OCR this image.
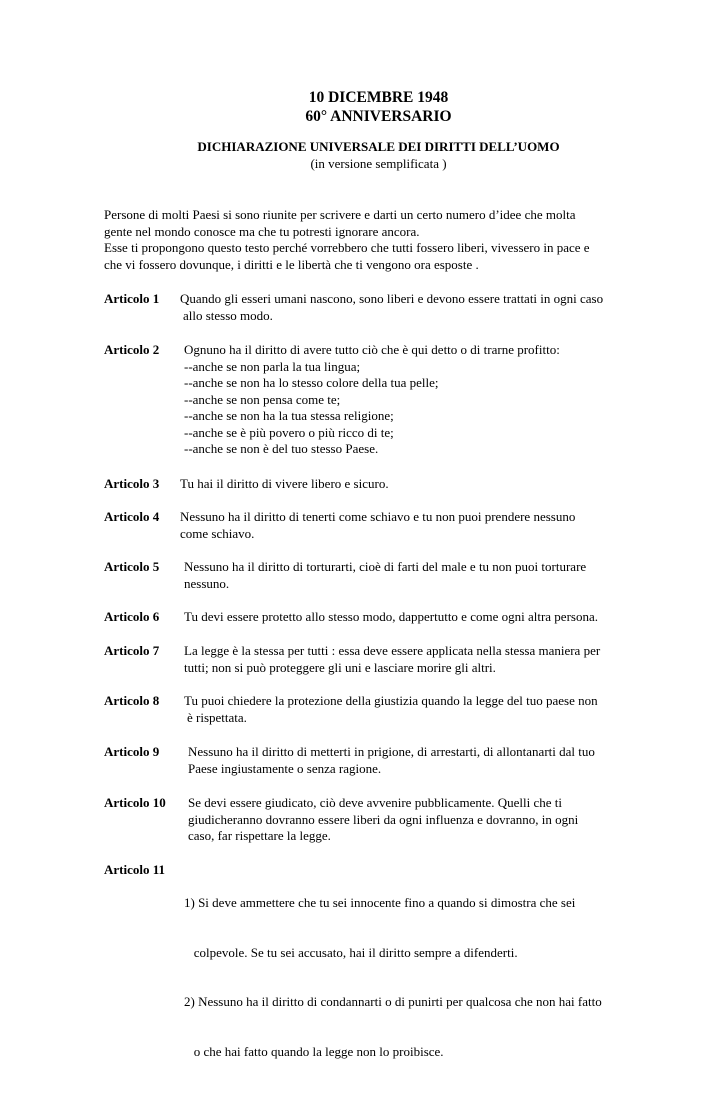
10 DICEMBRE 1948
60° ANNIVERSARIO
DICHIARAZIONE UNIVERSALE DEI DIRITTI DELL’UOMO
(in versione semplificata )

Persone di molti Paesi si sono riunite per scrivere e darti un certo numero d’idee che molta

gente nel mondo conosce ma che tu potresti ignorare ancora.

Esse ti propongono questo testo perché vorrebbero che tutti fossero liberi, vivessero in pace e

che vi fossero dovunque, i diritti e le libertà che ti vengono ora esposte .

Articolo 1 Quando gli esseri umani nascono, sono liberi e devono essere trattati in ogni caso
allo stesso modo.
Articolo 2 Ognuno ha il diritto di avere tutto ciò che è qui detto o di trarne profitto:
--anche se non parla la tua lingua;
--anche se non ha lo stesso colore della tua pelle;
--anche se non pensa come te;
--anche se non ha la tua stessa religione;
--anche se è più povero o più ricco di te;
--anche se non è del tuo stesso Paese.
Articolo 3 Tu hai il diritto di vivere libero e sicuro.
Articolo 4 Nessuno ha il diritto di tenerti come schiavo e tu non puoi prendere nessuno
come schiavo.
Articolo 5 Nessuno ha il diritto di torturarti, cioè di farti del male e tu non puoi torturare
nessuno.
Articolo 6 Tu devi essere protetto allo stesso modo, dappertutto e come ogni altra persona.
Articolo 7 La legge è la stessa per tutti : essa deve essere applicata nella stessa maniera per
tutti; non si può proteggere gli uni e lasciare morire gli altri.
Articolo 8 Tu puoi chiedere la protezione della giustizia quando la legge del tuo paese non
è rispettata.
Articolo 9 Nessuno ha il diritto di metterti in prigione, di arrestarti, di allontanarti dal tuo
Paese ingiustamente o senza ragione.
Articolo 10 Se devi essere giudicato, ciò deve avvenire pubblicamente. Quelli che ti
giudicheranno dovranno essere liberi da ogni influenza e dovranno, in ogni
caso, far rispettare la legge.
Articolo 11

1) Si deve ammettere che tu sei innocente fino a quando si dimostra che sei

colpevole. Se tu sei accusato, hai il diritto sempre a difenderti.

2) Nessuno ha il diritto di condannarti o di punirti per qualcosa che non hai fatto

o che hai fatto quando la legge non lo proibisce.
